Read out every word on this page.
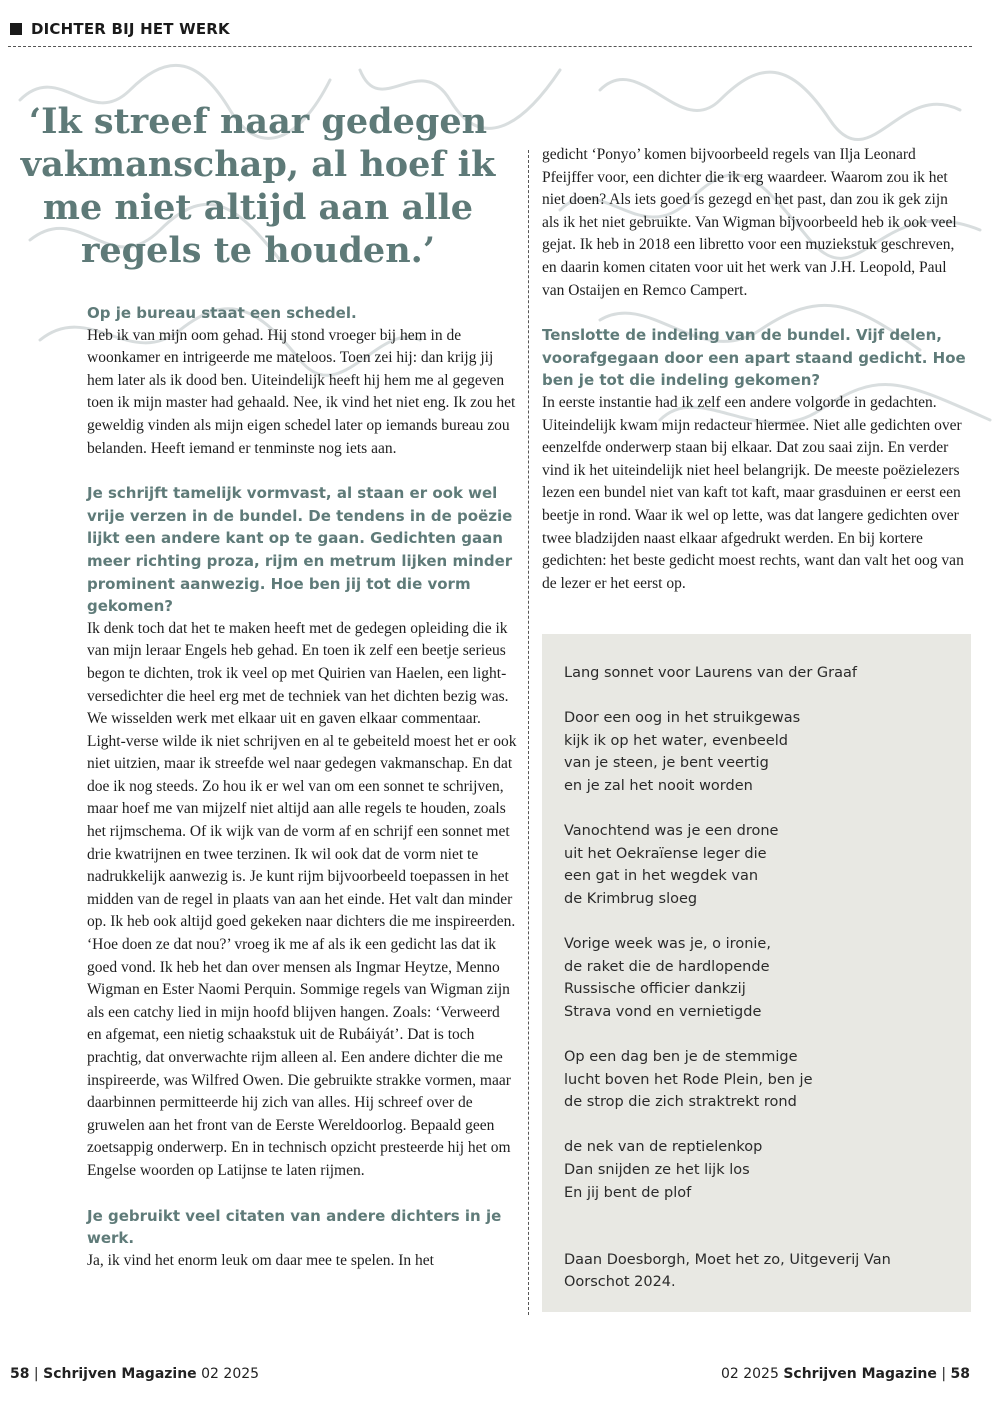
DICHTER BIJ HET WERK
‘Ik streef naar gedegen vakmanschap, al hoef ik me niet altijd aan alle regels te houden.’

Op je bureau staat een schedel.

Heb ik van mijn oom gehad. Hij stond vroeger bij hem in de woonkamer en intrigeerde me mateloos. Toen zei hij: dan krijg jij hem later als ik dood ben. Uiteindelijk heeft hij hem me al gegeven toen ik mijn master had gehaald. Nee, ik vind het niet eng. Ik zou het geweldig vinden als mijn eigen schedel later op iemands bureau zou belanden. Heeft iemand er tenminste nog iets aan.

Je schrijft tamelijk vormvast, al staan er ook wel vrije verzen in de bundel. De tendens in de poëzie lijkt een andere kant op te gaan. Gedichten gaan meer richting proza, rijm en metrum lijken minder prominent aanwezig. Hoe ben jij tot die vorm gekomen?

Ik denk toch dat het te maken heeft met de gedegen opleiding die ik van mijn leraar Engels heb gehad. En toen ik zelf een beetje serieus begon te dichten, trok ik veel op met Quirien van Haelen, een light-versedichter die heel erg met de techniek van het dichten bezig was. We wisselden werk met elkaar uit en gaven elkaar commentaar. Light-verse wilde ik niet schrijven en al te gebeiteld moest het er ook niet uitzien, maar ik streefde wel naar gedegen vakmanschap. En dat doe ik nog steeds. Zo hou ik er wel van om een sonnet te schrijven, maar hoef me van mijzelf niet altijd aan alle regels te houden, zoals het rijmschema. Of ik wijk van de vorm af en schrijf een sonnet met drie kwatrijnen en twee terzinen. Ik wil ook dat de vorm niet te nadrukkelijk aanwezig is. Je kunt rijm bijvoorbeeld toepassen in het midden van de regel in plaats van aan het einde. Het valt dan minder op. Ik heb ook altijd goed gekeken naar dichters die me inspireerden. ‘Hoe doen ze dat nou?’ vroeg ik me af als ik een gedicht las dat ik goed vond. Ik heb het dan over mensen als Ingmar Heytze, Menno Wigman en Ester Naomi Perquin. Sommige regels van Wigman zijn als een catchy lied in mijn hoofd blijven hangen. Zoals: ‘Verweerd en afgemat, een nietig schaakstuk uit de Rubáiyát’. Dat is toch prachtig, dat onverwachte rijm alleen al. Een andere dichter die me inspireerde, was Wilfred Owen. Die gebruikte strakke vormen, maar daarbinnen permitteerde hij zich van alles. Hij schreef over de gruwelen aan het front van de Eerste Wereldoorlog. Bepaald geen zoetsappig onderwerp. En in technisch opzicht presteerde hij het om Engelse woorden op Latijnse te laten rijmen.

Je gebruikt veel citaten van andere dichters in je werk.

Ja, ik vind het enorm leuk om daar mee te spelen. In het

gedicht ‘Ponyo’ komen bijvoorbeeld regels van Ilja Leonard Pfeijffer voor, een dichter die ik erg waardeer. Waarom zou ik het niet doen? Als iets goed is gezegd en het past, dan zou ik gek zijn als ik het niet gebruikte. Van Wigman bijvoorbeeld heb ik ook veel gejat. Ik heb in 2018 een libretto voor een muziekstuk geschreven, en daarin komen citaten voor uit het werk van J.H. Leopold, Paul van Ostaijen en Remco Campert.

Tenslotte de indeling van de bundel. Vijf delen, voorafgegaan door een apart staand gedicht. Hoe ben je tot die indeling gekomen?

In eerste instantie had ik zelf een andere volgorde in gedachten. Uiteindelijk kwam mijn redacteur hiermee. Niet alle gedichten over eenzelfde onderwerp staan bij elkaar. Dat zou saai zijn. En verder vind ik het uiteindelijk niet heel belangrijk. De meeste poëzielezers lezen een bundel niet van kaft tot kaft, maar grasduinen er eerst een beetje in rond. Waar ik wel op lette, was dat langere gedichten over twee bladzijden naast elkaar afgedrukt werden. En bij kortere gedichten: het beste gedicht moest rechts, want dan valt het oog van de lezer er het eerst op.

Lang sonnet voor Laurens van der Graaf

Door een oog in het struikgewas

kijk ik op het water, evenbeeld

van je steen, je bent veertig

en je zal het nooit worden

Vanochtend was je een drone

uit het Oekraïense leger die

een gat in het wegdek van

de Krimbrug sloeg

Vorige week was je, o ironie,

de raket die de hardlopende

Russische officier dankzij

Strava vond en vernietigde

Op een dag ben je de stemmige

lucht boven het Rode Plein, ben je

de strop die zich straktrekt rond

de nek van de reptielenkop

Dan snijden ze het lijk los

En jij bent de plof

Daan Doesborgh, Moet het zo, Uitgeverij Van Oorschot 2024.

58 | Schrijven Magazine 02 2025	02 2025 Schrijven Magazine | 58
